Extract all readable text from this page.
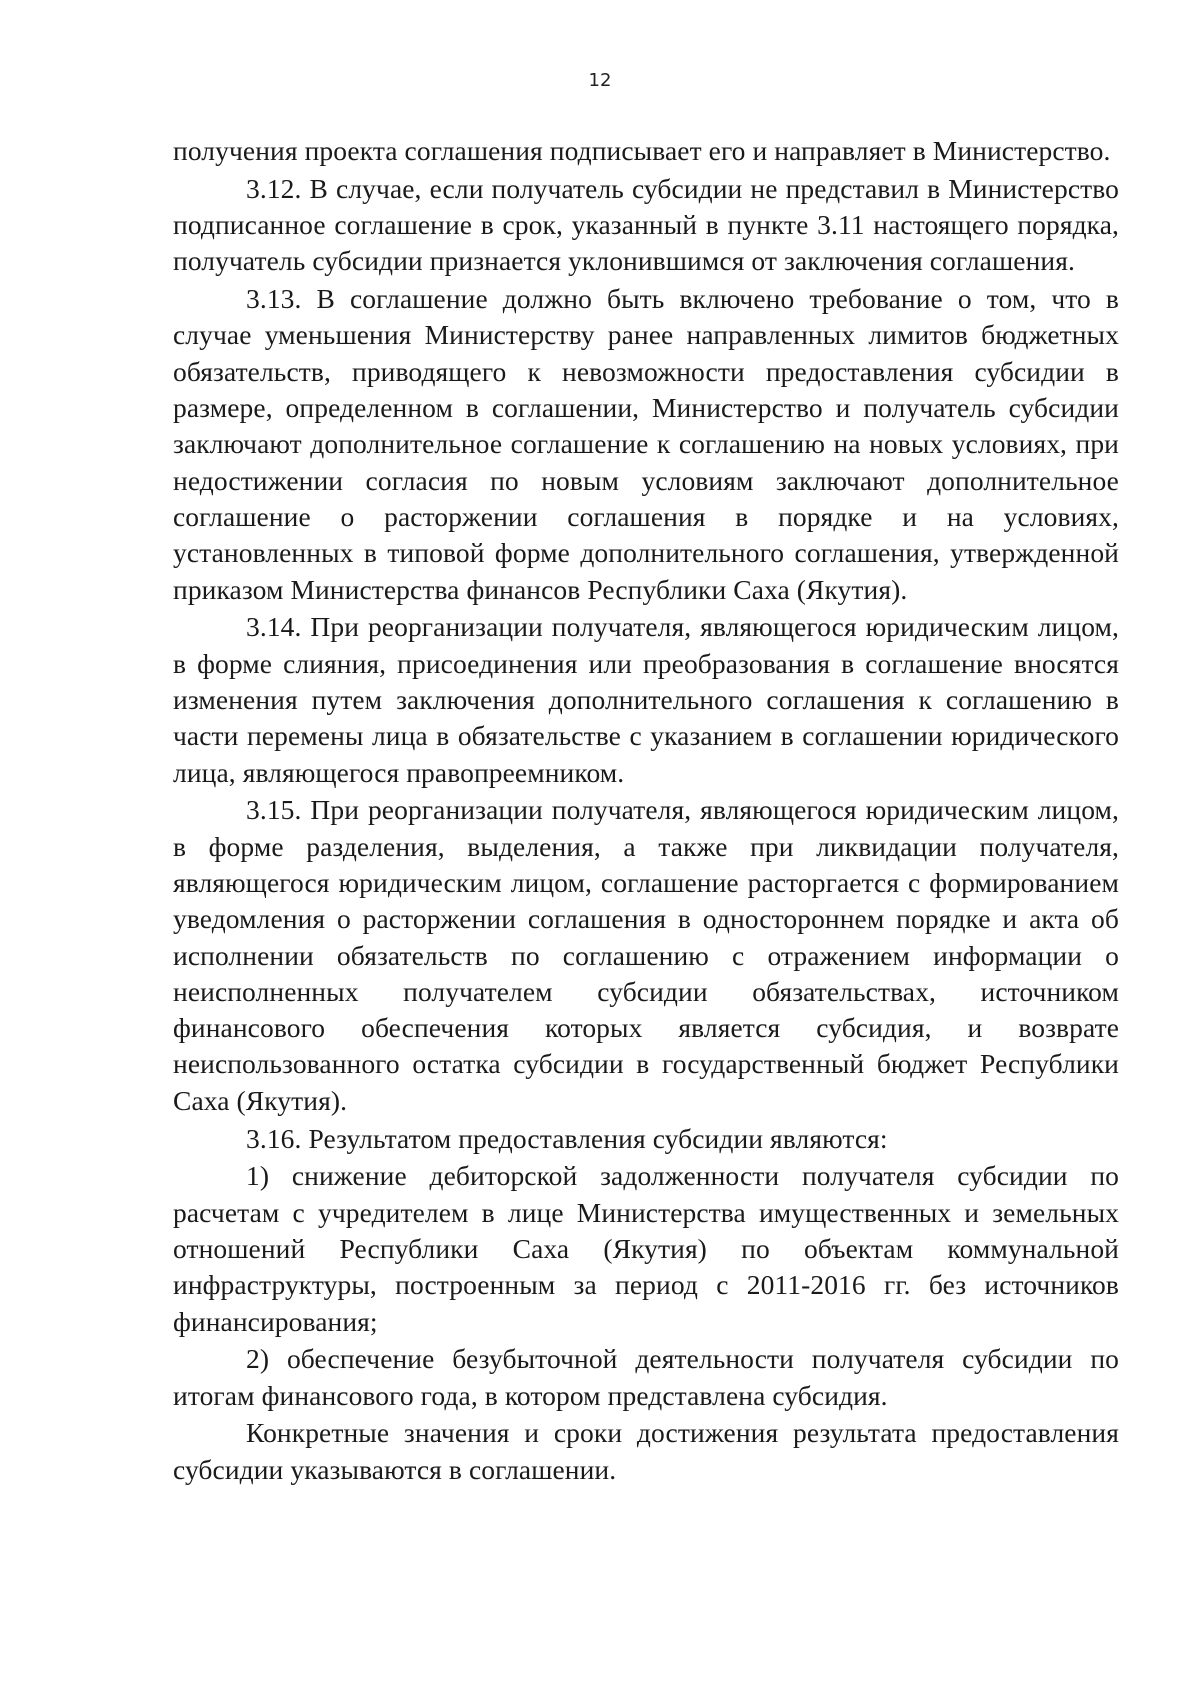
12

получения проекта соглашения подписывает его и направляет в Министерство.

3.12. В случае, если получатель субсидии не представил в Министерство подписанное соглашение в срок, указанный в пункте 3.11 настоящего порядка, получатель субсидии признается уклонившимся от заключения соглашения.

3.13. В соглашение должно быть включено требование о том, что в случае уменьшения Министерству ранее направленных лимитов бюджетных обязательств, приводящего к невозможности предоставления субсидии в размере, определенном в соглашении, Министерство и получатель субсидии заключают дополнительное соглашение к соглашению на новых условиях, при недостижении согласия по новым условиям заключают дополнительное соглашение о расторжении соглашения в порядке и на условиях, установленных в типовой форме дополнительного соглашения, утвержденной приказом Министерства финансов Республики Саха (Якутия).

3.14. При реорганизации получателя, являющегося юридическим лицом, в форме слияния, присоединения или преобразования в соглашение вносятся изменения путем заключения дополнительного соглашения к соглашению в части перемены лица в обязательстве с указанием в соглашении юридического лица, являющегося правопреемником.

3.15. При реорганизации получателя, являющегося юридическим лицом, в форме разделения, выделения, а также при ликвидации получателя, являющегося юридическим лицом, соглашение расторгается с формированием уведомления о расторжении соглашения в одностороннем порядке и акта об исполнении обязательств по соглашению с отражением информации о неисполненных получателем субсидии обязательствах, источником финансового обеспечения которых является субсидия, и возврате неиспользованного остатка субсидии в государственный бюджет Республики Саха (Якутия).

3.16. Результатом предоставления субсидии являются:

1) снижение дебиторской задолженности получателя субсидии по расчетам с учредителем в лице Министерства имущественных и земельных отношений Республики Саха (Якутия) по объектам коммунальной инфраструктуры, построенным за период с 2011-2016 гг. без источников финансирования;

2) обеспечение безубыточной деятельности получателя субсидии по итогам финансового года, в котором представлена субсидия.

Конкретные значения и сроки достижения результата предоставления субсидии указываются в соглашении.
